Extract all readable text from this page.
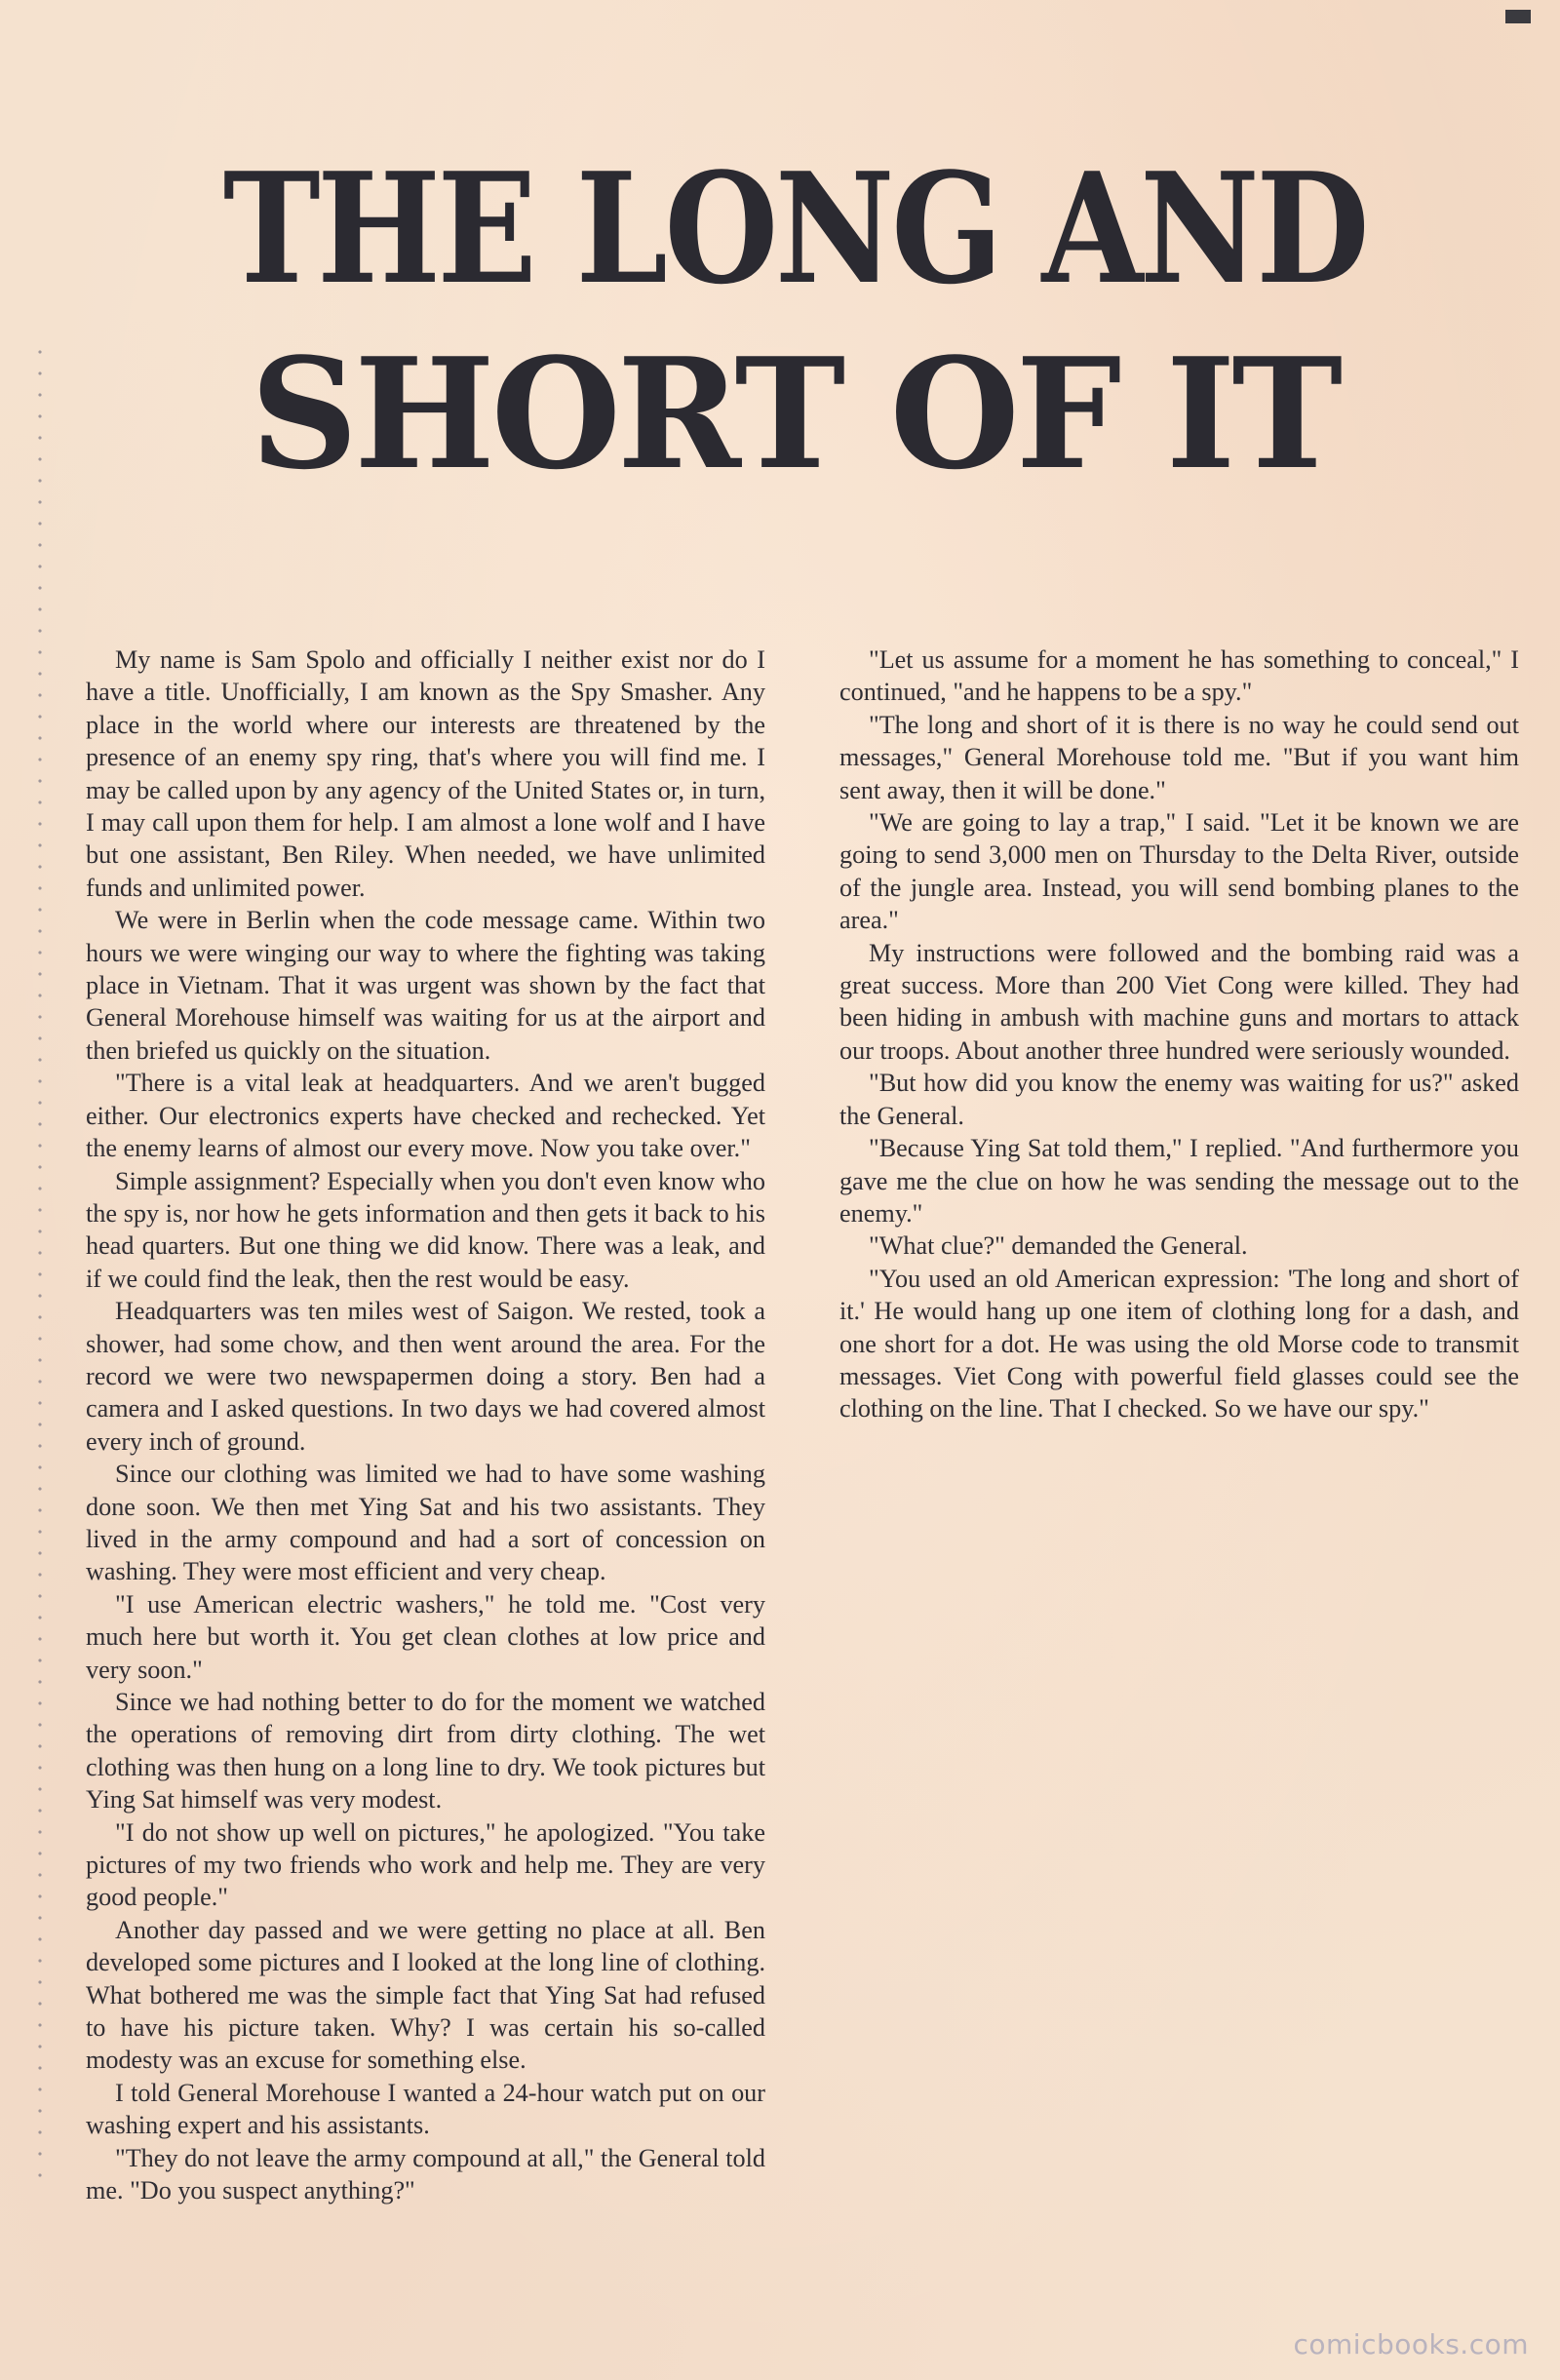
THE LONG AND
SHORT OF IT

My name is Sam Spolo and officially I neither exist nor do I have a title. Unofficially, I am known as the Spy Smasher. Any place in the world where our interests are threatened by the presence of an enemy spy ring, that's where you will find me. I may be called upon by any agency of the United States or, in turn, I may call upon them for help. I am almost a lone wolf and I have but one assistant, Ben Riley. When needed, we have unlimited funds and unlimited power.

We were in Berlin when the code message came. Within two hours we were winging our way to where the fighting was taking place in Vietnam. That it was urgent was shown by the fact that General Morehouse himself was waiting for us at the airport and then briefed us quickly on the situation.

"There is a vital leak at headquarters. And we aren't bugged either. Our electronics experts have checked and rechecked. Yet the enemy learns of almost our every move. Now you take over."

Simple assignment? Especially when you don't even know who the spy is, nor how he gets information and then gets it back to his head quarters. But one thing we did know. There was a leak, and if we could find the leak, then the rest would be easy.

Headquarters was ten miles west of Saigon. We rested, took a shower, had some chow, and then went around the area. For the record we were two newspapermen doing a story. Ben had a camera and I asked questions. In two days we had covered almost every inch of ground.

Since our clothing was limited we had to have some washing done soon. We then met Ying Sat and his two assistants. They lived in the army compound and had a sort of concession on washing. They were most efficient and very cheap.

"I use American electric washers," he told me. "Cost very much here but worth it. You get clean clothes at low price and very soon."

Since we had nothing better to do for the moment we watched the operations of removing dirt from dirty clothing. The wet clothing was then hung on a long line to dry. We took pictures but Ying Sat himself was very modest.

"I do not show up well on pictures," he apologized. "You take pictures of my two friends who work and help me. They are very good people."

Another day passed and we were getting no place at all. Ben developed some pictures and I looked at the long line of clothing. What bothered me was the simple fact that Ying Sat had refused to have his picture taken. Why? I was certain his so-called modesty was an excuse for something else.

I told General Morehouse I wanted a 24-hour watch put on our washing expert and his assistants.

"They do not leave the army compound at all," the General told me. "Do you suspect anything?"

"Let us assume for a moment he has something to conceal," I continued, "and he happens to be a spy."

"The long and short of it is there is no way he could send out messages," General Morehouse told me. "But if you want him sent away, then it will be done."

"We are going to lay a trap," I said. "Let it be known we are going to send 3,000 men on Thursday to the Delta River, outside of the jungle area. Instead, you will send bombing planes to the area."

My instructions were followed and the bombing raid was a great success. More than 200 Viet Cong were killed. They had been hiding in ambush with machine guns and mortars to attack our troops. About another three hundred were seriously wounded.

"But how did you know the enemy was waiting for us?" asked the General.

"Because Ying Sat told them," I replied. "And furthermore you gave me the clue on how he was sending the message out to the enemy."

"What clue?" demanded the General.

"You used an old American expression: 'The long and short of it.' He would hang up one item of clothing long for a dash, and one short for a dot. He was using the old Morse code to transmit messages. Viet Cong with powerful field glasses could see the clothing on the line. That I checked. So we have our spy."

comicbooks.com
